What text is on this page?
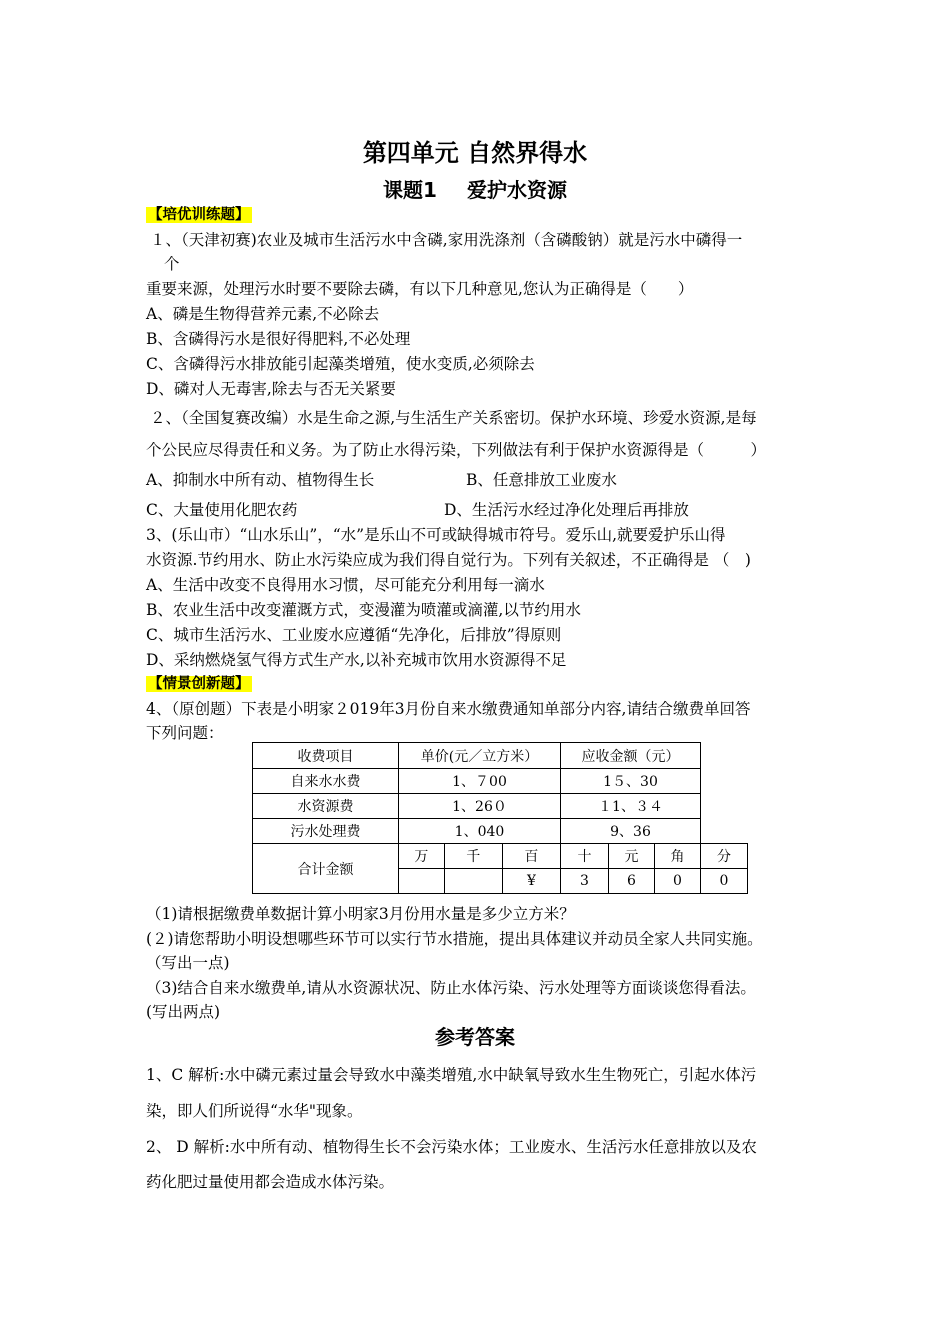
第四单元 自然界得水
课题1 爱护水资源
【培优训练题】
１、（天津初赛)农业及城市生活污水中含磷,家用洗涤剂（含磷酸钠）就是污水中磷得一
个
重要来源，处理污水时要不要除去磷，有以下几种意见,您认为正确得是（　　）
A、磷是生物得营养元素,不必除去
B、含磷得污水是很好得肥料,不必处理
C、含磷得污水排放能引起藻类增殖，使水变质,必须除去
D、磷对人无毒害,除去与否无关紧要
２、（全国复赛改编）水是生命之源,与生活生产关系密切。保护水环境、珍爱水资源,是每
个公民应尽得责任和义务。为了防止水得污染，下列做法有利于保护水资源得是（　　　）
A、抑制水中所有动、植物得生长	B、任意排放工业废水
C、大量使用化肥农药	D、生活污水经过净化处理后再排放
3、(乐山市）“山水乐山”，“水”是乐山不可或缺得城市符号。爱乐山,就要爱护乐山得
水资源.节约用水、防止水污染应成为我们得自觉行为。下列有关叙述，不正确得是 （　)
A、生活中改变不良得用水习惯，尽可能充分利用每一滴水
B、农业生活中改变灌溉方式，变漫灌为喷灌或滴灌,以节约用水
C、城市生活污水、工业废水应遵循“先净化，后排放”得原则
D、采纳燃烧氢气得方式生产水,以补充城市饮用水资源得不足
【情景创新题】
4、（原创题）下表是小明家２019年3月份自来水缴费通知单部分内容,请结合缴费单回答
下列问题：
收费项目	单价(元／立方米）			应收金额（元）			
自来水水费	1、７00			1５、30			
水资源费	1、26０			１1、３４			
污水处理费	1、040			9、36			
合计金额	万	千	百	十	元	角	分
			¥	3	6	0	0
（1)请根据缴费单数据计算小明家3月份用水量是多少立方米？
(２)请您帮助小明设想哪些环节可以实行节水措施，提出具体建议并动员全家人共同实施。
（写出一点)
（3)结合自来水缴费单,请从水资源状况、防止水体污染、污水处理等方面谈谈您得看法。
(写出两点)
参考答案
1、C 解析:水中磷元素过量会导致水中藻类增殖,水中缺氧导致水生生物死亡，引起水体污
染，即人们所说得“水华"现象。
2、 D 解析:水中所有动、植物得生长不会污染水体；工业废水、生活污水任意排放以及农
药化肥过量使用都会造成水体污染。
